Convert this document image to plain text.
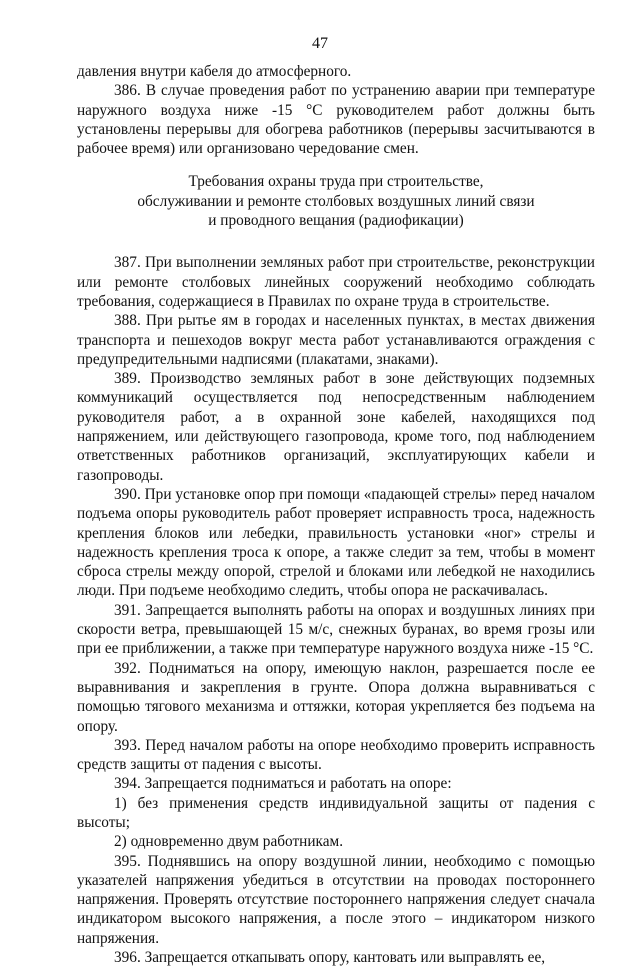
47

давления внутри кабеля до атмосферного.

386. В случае проведения работ по устранению аварии при температуре наружного воздуха ниже -15 °С руководителем работ должны быть установлены перерывы для обогрева работников (перерывы засчитываются в рабочее время) или организовано чередование смен.

Требования охраны труда при строительстве,
обслуживании и ремонте столбовых воздушных линий связи
и проводного вещания (радиофикации)

387. При выполнении земляных работ при строительстве, реконструкции или ремонте столбовых линейных сооружений необходимо соблюдать требования, содержащиеся в Правилах по охране труда в строительстве.

388. При рытье ям в городах и населенных пунктах, в местах движения транспорта и пешеходов вокруг места работ устанавливаются ограждения с предупредительными надписями (плакатами, знаками).

389. Производство земляных работ в зоне действующих подземных коммуникаций осуществляется под непосредственным наблюдением руководителя работ, а в охранной зоне кабелей, находящихся под напряжением, или действующего газопровода, кроме того, под наблюдением ответственных работников организаций, эксплуатирующих кабели и газопроводы.

390. При установке опор при помощи «падающей стрелы» перед началом подъема опоры руководитель работ проверяет исправность троса, надежность крепления блоков или лебедки, правильность установки «ног» стрелы и надежность крепления троса к опоре, а также следит за тем, чтобы в момент сброса стрелы между опорой, стрелой и блоками или лебедкой не находились люди. При подъеме необходимо следить, чтобы опора не раскачивалась.

391. Запрещается выполнять работы на опорах и воздушных линиях при скорости ветра, превышающей 15 м/с, снежных буранах, во время грозы или при ее приближении, а также при температуре наружного воздуха ниже -15 °С.

392. Подниматься на опору, имеющую наклон, разрешается после ее выравнивания и закрепления в грунте. Опора должна выравниваться с помощью тягового механизма и оттяжки, которая укрепляется без подъема на опору.

393. Перед началом работы на опоре необходимо проверить исправность средств защиты от падения с высоты.

394. Запрещается подниматься и работать на опоре:

1) без применения средств индивидуальной защиты от падения с высоты;

2) одновременно двум работникам.

395. Поднявшись на опору воздушной линии, необходимо с помощью указателей напряжения убедиться в отсутствии на проводах постороннего напряжения. Проверять отсутствие постороннего напряжения следует сначала индикатором высокого напряжения, а после этого – индикатором низкого напряжения.

396. Запрещается откапывать опору, кантовать или выправлять ее,
